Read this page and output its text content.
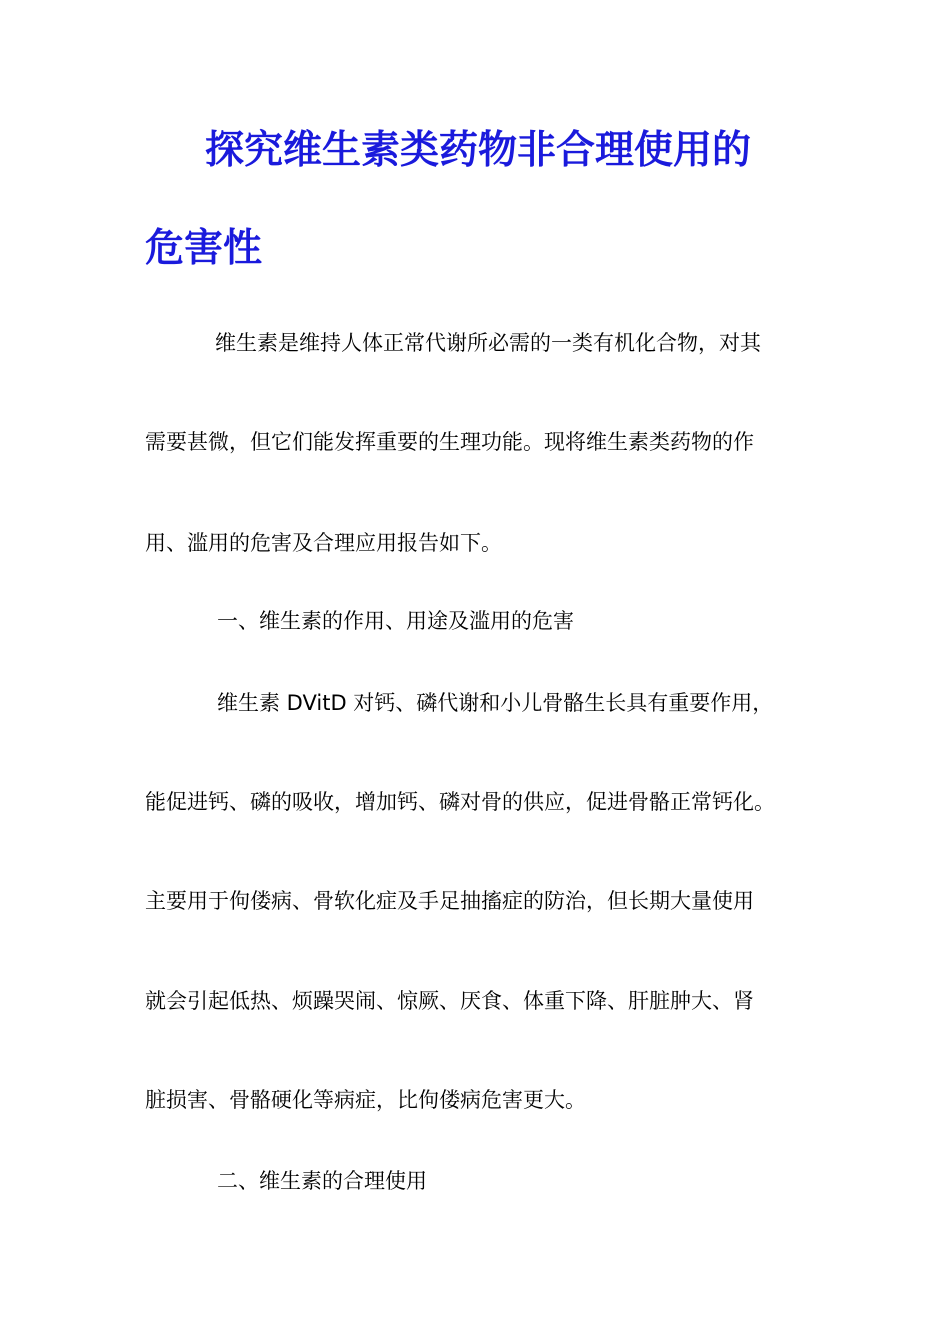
探究维生素类药物非合理使用的
危害性

维生素是维持人体正常代谢所必需的一类有机化合物，对其

需要甚微，但它们能发挥重要的生理功能。现将维生素类药物的作

用、滥用的危害及合理应用报告如下。

一、维生素的作用、用途及滥用的危害

维生素 DVitD 对钙、磷代谢和小儿骨骼生长具有重要作用，

能促进钙、磷的吸收，增加钙、磷对骨的供应，促进骨骼正常钙化。

主要用于佝偻病、骨软化症及手足抽搐症的防治，但长期大量使用

就会引起低热、烦躁哭闹、惊厥、厌食、体重下降、肝脏肿大、肾

脏损害、骨骼硬化等病症，比佝偻病危害更大。

二、维生素的合理使用
